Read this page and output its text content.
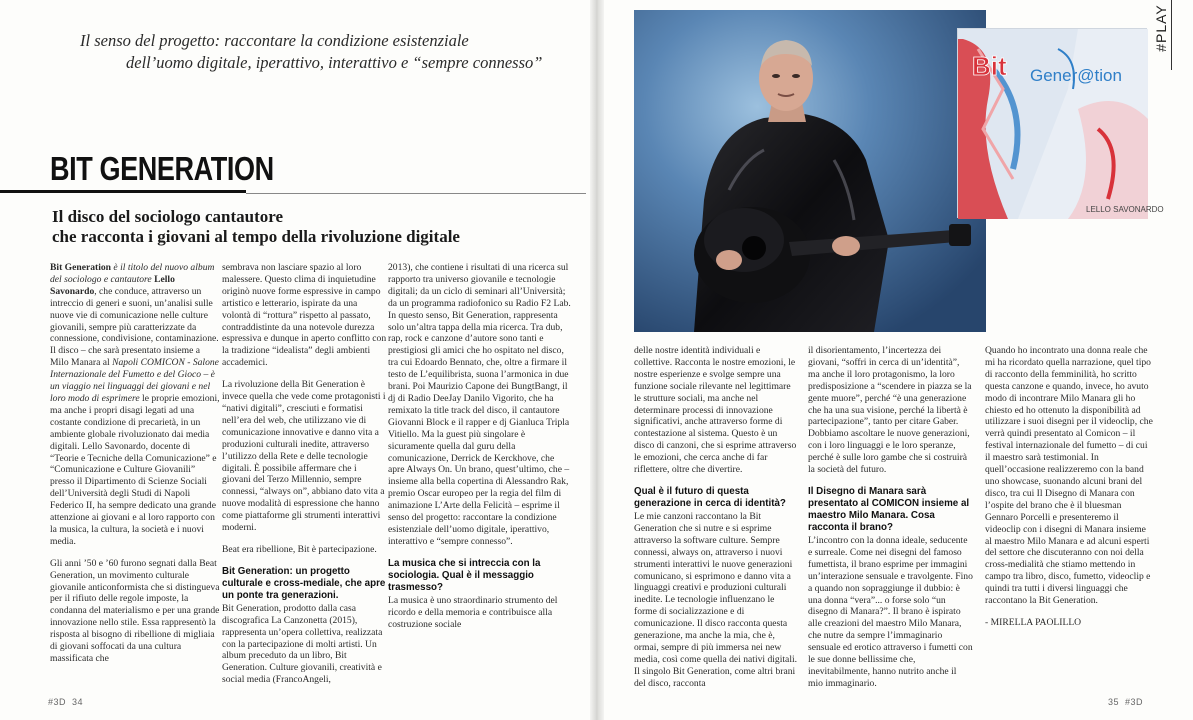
Il senso del progetto: raccontare la condizione esistenziale
dell’uomo digitale, iperattivo, interattivo e “sempre connesso”
BIT GENERATION
Il disco del sociologo cantautore
che racconta i giovani al tempo della rivoluzione digitale

Bit Generation è il titolo del nuovo album del sociologo e cantautore Lello Savonardo, che conduce, attraverso un intreccio di generi e suoni, un’analisi sulle nuove vie di comunicazione nelle culture giovanili, sempre più caratterizzate da connessione, condivisione, contaminazione. Il disco – che sarà presentato insieme a Milo Manara al Napoli COMICON - Salone Internazionale del Fumetto e del Gioco – è un viaggio nei linguaggi dei giovani e nel loro modo di esprimere le proprie emozioni, ma anche i propri disagi legati ad una costante condizione di precarietà, in un ambiente globale rivoluzionato dai media digitali. Lello Savonardo, docente di “Teorie e Tecniche della Comunicazione” e “Comunicazione e Culture Giovanili” presso il Dipartimento di Scienze Sociali dell’Università degli Studi di Napoli Federico II, ha sempre dedicato una grande attenzione ai giovani e al loro rapporto con la musica, la cultura, la società e i nuovi media.

Gli anni ’50 e ’60 furono segnati dalla Beat Generation, un movimento culturale giovanile anticonformista che si distingueva per il rifiuto delle regole imposte, la condanna del materialismo e per una grande innovazione nello stile. Essa rappresentò la risposta al bisogno di ribellione di migliaia di giovani soffocati da una cultura massificata che

sembrava non lasciare spazio al loro malessere. Questo clima di inquietudine originò nuove forme espressive in campo artistico e letterario, ispirate da una volontà di “rottura” rispetto al passato, contraddistinte da una notevole durezza espressiva e dunque in aperto conflitto con la tradizione “idealista” degli ambienti accademici.

La rivoluzione della Bit Generation è invece quella che vede come protagonisti i “nativi digitali”, cresciuti e formatisi nell’era del web, che utilizzano vie di comunicazione innovative e danno vita a produzioni culturali inedite, attraverso l’utilizzo della Rete e delle tecnologie digitali. È possibile affermare che i giovani del Terzo Millennio, sempre connessi, “always on”, abbiano dato vita a nuove modalità di espressione che hanno come piattaforme gli strumenti interattivi moderni.

Beat era ribellione, Bit è partecipazione.

Bit Generation: un progetto culturale e cross-mediale, che apre un ponte tra generazioni.

Bit Generation, prodotto dalla casa discografica La Canzonetta (2015), rappresenta un’opera collettiva, realizzata con la partecipazione di molti artisti. Un album preceduto da un libro, Bit Generation. Culture giovanili, creatività e social media (FrancoAngeli,

2013), che contiene i risultati di una ricerca sul rapporto tra universo giovanile e tecnologie digitali; da un ciclo di seminari all’Università; da un programma radiofonico su Radio F2 Lab. In questo senso, Bit Generation, rappresenta solo un’altra tappa della mia ricerca. Tra dub, rap, rock e canzone d’autore sono tanti e prestigiosi gli amici che ho ospitato nel disco, tra cui Edoardo Bennato, che, oltre a firmare il testo de L’equilibrista, suona l’armonica in due brani. Poi Maurizio Capone dei BungtBangt, il dj di Radio DeeJay Danilo Vigorito, che ha remixato la title track del disco, il cantautore Giovanni Block e il rapper e dj Gianluca Tripla Vitiello. Ma la guest più singolare è sicuramente quella dal guru della comunicazione, Derrick de Kerckhove, che apre Always On. Un brano, quest’ultimo, che – insieme alla bella copertina di Alessandro Rak, premio Oscar europeo per la regia del film di animazione L’Arte della Felicità – esprime il senso del progetto: raccontare la condizione esistenziale dell’uomo digitale, iperattivo, interattivo e “sempre connesso”.

La musica che si intreccia con la sociologia. Qual è il messaggio trasmesso?

La musica è uno straordinario strumento del ricordo e della memoria e contribuisce alla costruzione sociale

#3D 34
Bit Gener@tion
LELLO SAVONARDO
#PLAY

delle nostre identità individuali e collettive. Racconta le nostre emozioni, le nostre esperienze e svolge sempre una funzione sociale rilevante nel legittimare le strutture sociali, ma anche nel determinare processi di innovazione significativi, anche attraverso forme di contestazione al sistema. Questo è un disco di canzoni, che si esprime attraverso le emozioni, che cerca anche di far riflettere, oltre che divertire.

Qual è il futuro di questa generazione in cerca di identità?

Le mie canzoni raccontano la Bit Generation che si nutre e si esprime attraverso la software culture. Sempre connessi, always on, attraverso i nuovi strumenti interattivi le nuove generazioni comunicano, si esprimono e danno vita a linguaggi creativi e produzioni culturali inedite. Le tecnologie influenzano le forme di socializzazione e di comunicazione. Il disco racconta questa generazione, ma anche la mia, che è, ormai, sempre di più immersa nei new media, così come quella dei nativi digitali. Il singolo Bit Generation, come altri brani del disco, racconta

il disorientamento, l’incertezza dei giovani, “soffri in cerca di un’identità”, ma anche il loro protagonismo, la loro predisposizione a “scendere in piazza se la gente muore”, perché “è una generazione che ha una sua visione, perché la libertà è partecipazione”, tanto per citare Gaber. Dobbiamo ascoltare le nuove generazioni, con i loro linguaggi e le loro speranze, perché è sulle loro gambe che si costruirà la società del futuro.

Il Disegno di Manara sarà presentato al COMICON insieme al maestro Milo Manara. Cosa racconta il brano?

L’incontro con la donna ideale, seducente e surreale. Come nei disegni del famoso fumettista, il brano esprime per immagini un’interazione sensuale e travolgente. Fino a quando non sopraggiunge il dubbio: è una donna “vera”... o forse solo “un disegno di Manara?”. Il brano è ispirato alle creazioni del maestro Milo Manara, che nutre da sempre l’immaginario sensuale ed erotico attraverso i fumetti con le sue donne bellissime che, inevitabilmente, hanno nutrito anche il mio immaginario.

Quando ho incontrato una donna reale che mi ha ricordato quella narrazione, quel tipo di racconto della femminilità, ho scritto questa canzone e quando, invece, ho avuto modo di incontrare Milo Manara gli ho chiesto ed ho ottenuto la disponibilità ad utilizzare i suoi disegni per il videoclip, che verrà quindi presentato al Comicon – il festival internazionale del fumetto – di cui il maestro sarà testimonial. In quell’occasione realizzeremo con la band uno showcase, suonando alcuni brani del disco, tra cui Il Disegno di Manara con l’ospite del brano che è il bluesman Gennaro Porcelli e presenteremo il videoclip con i disegni di Manara insieme al maestro Milo Manara e ad alcuni esperti del settore che discuteranno con noi della cross-medialità che stiamo mettendo in campo tra libro, disco, fumetto, videoclip e quindi tra tutti i diversi linguaggi che raccontano la Bit Generation.

- MIRELLA PAOLILLO

35 #3D
